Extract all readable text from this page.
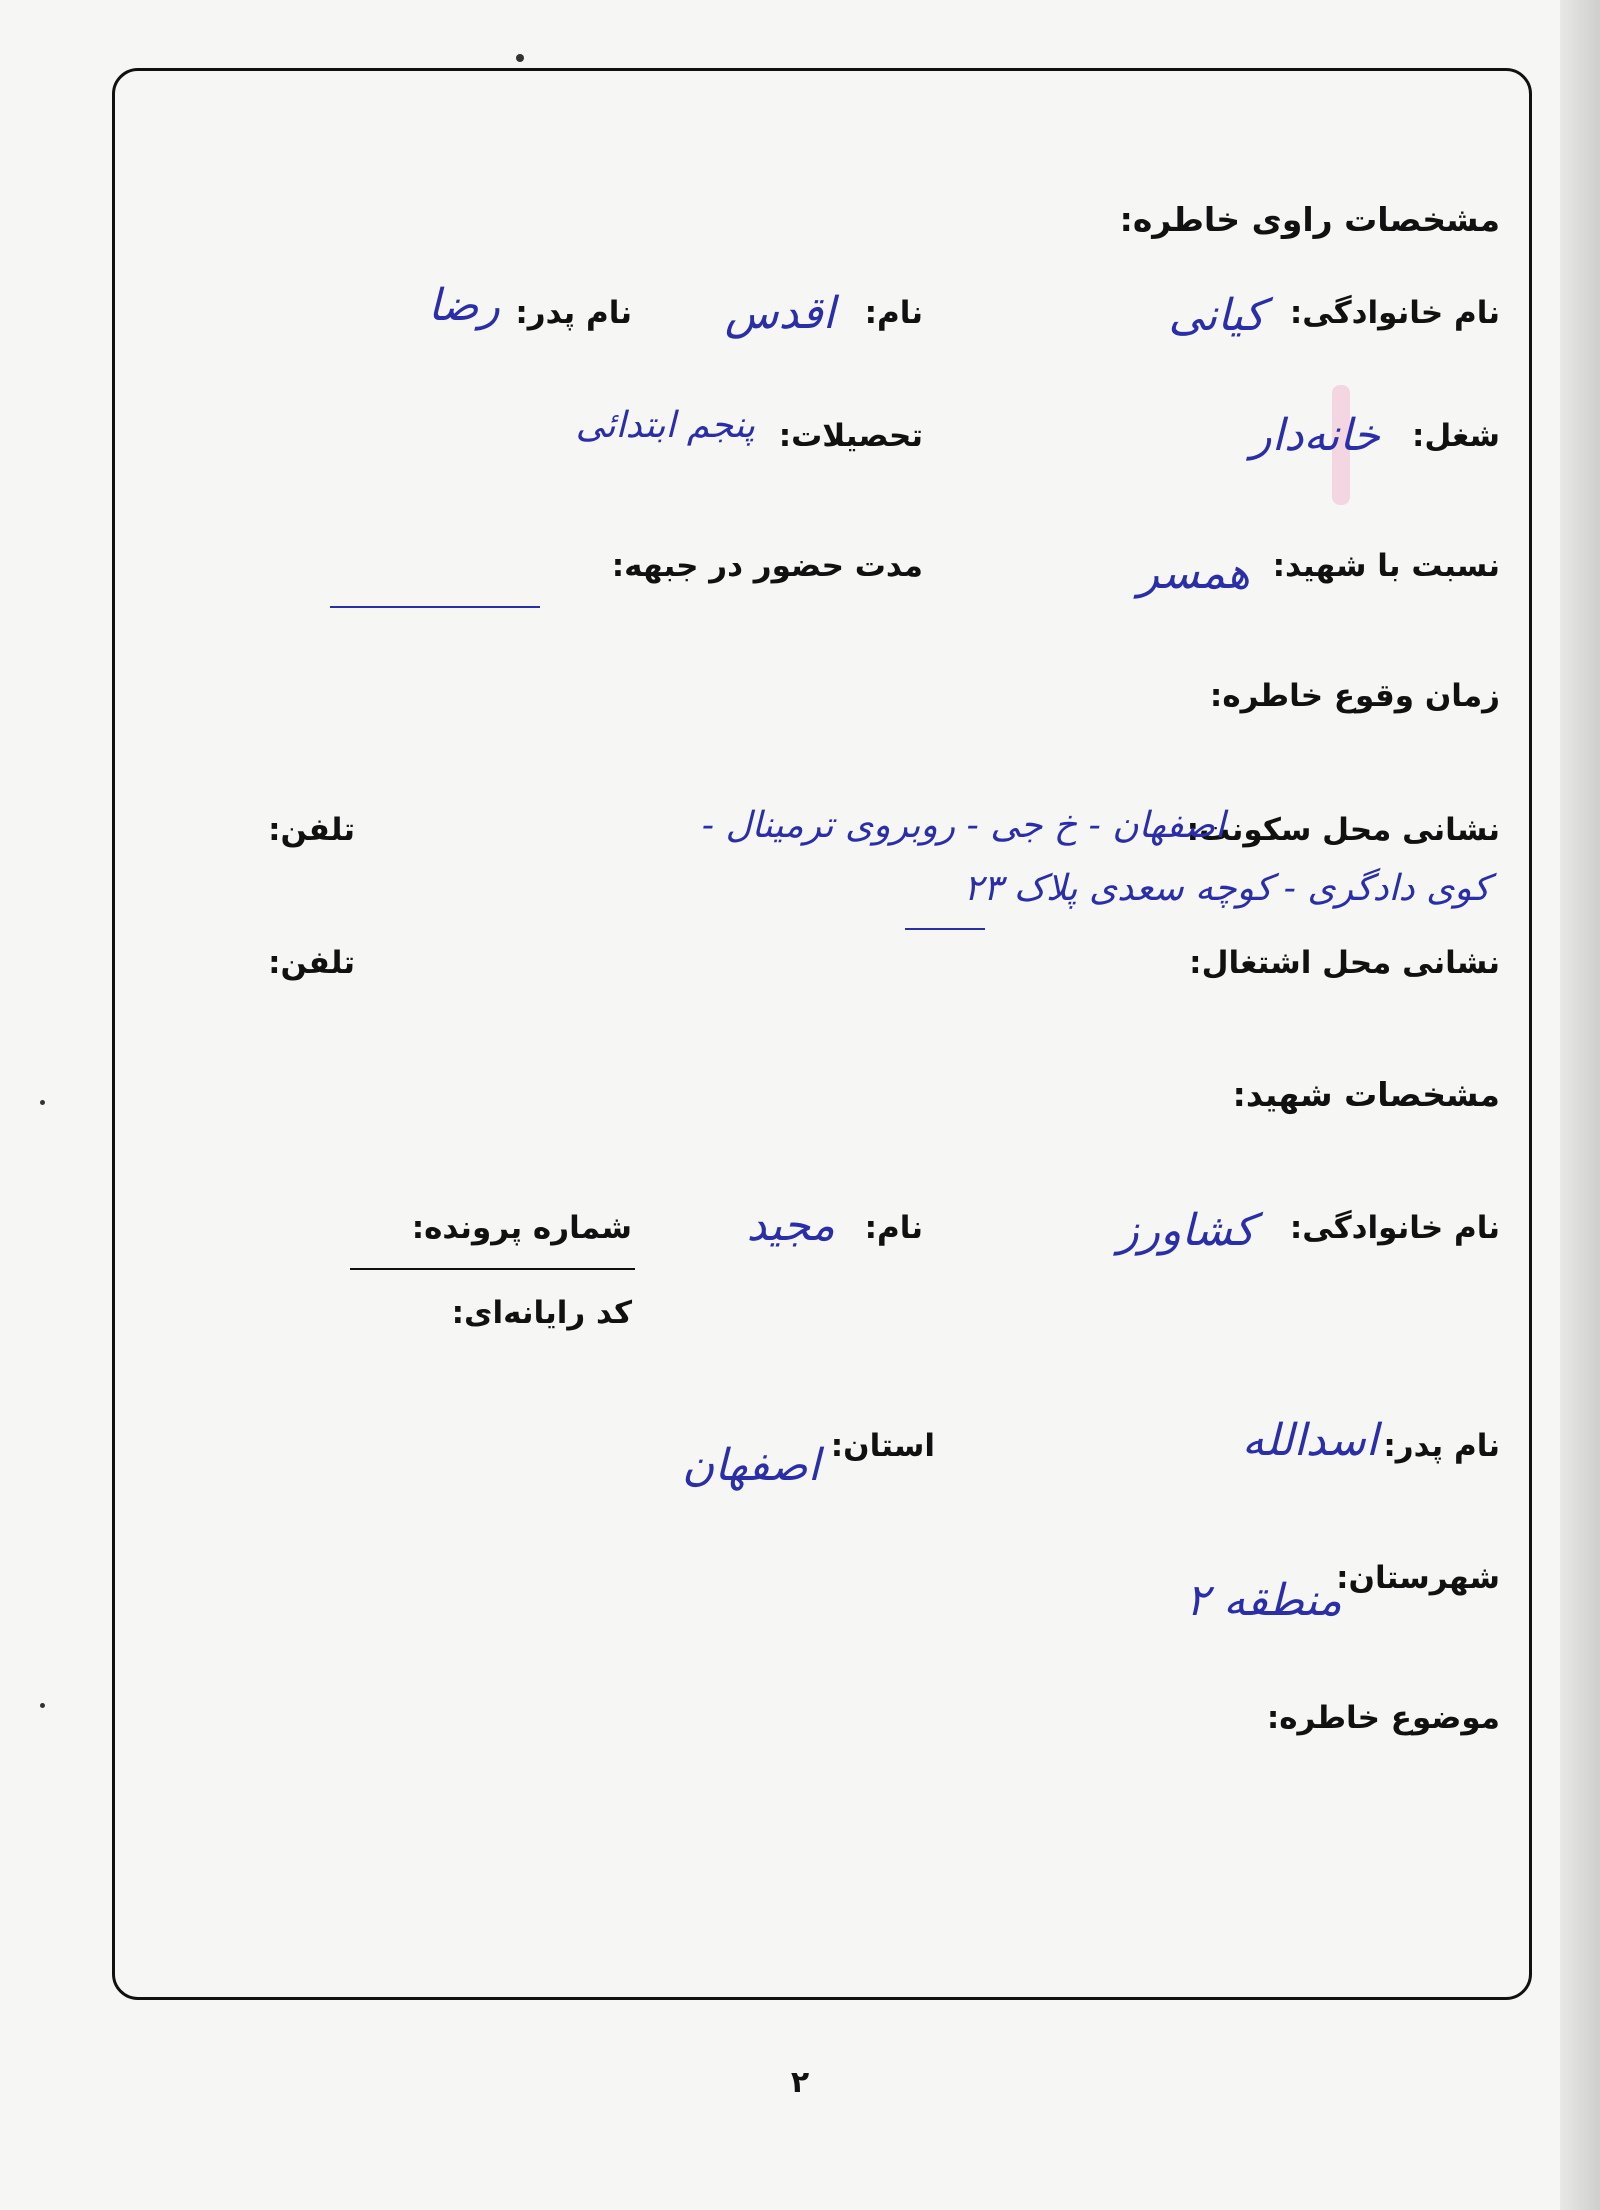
مشخصات راوی خاطره:
نام خانوادگی:
کیانی
نام:
اقدس
نام پدر:
رضا
شغل:
خانه‌دار
تحصیلات:
پنجم ابتدائی
نسبت با شهید:
همسر
مدت حضور در جبهه:
زمان وقوع خاطره:
نشانی محل سکونت:
اصفهان - خ جی - روبروی ترمینال -
کوی دادگری - کوچه سعدی پلاک ۲۳
تلفن:
نشانی محل اشتغال:
تلفن:
مشخصات شهید:
نام خانوادگی:
کشاورز
نام:
مجید
شماره پرونده:
کد رایانه‌ای:
نام پدر:
اسدالله
استان:
اصفهان
شهرستان:
منطقه ۲
موضوع خاطره:
۲
